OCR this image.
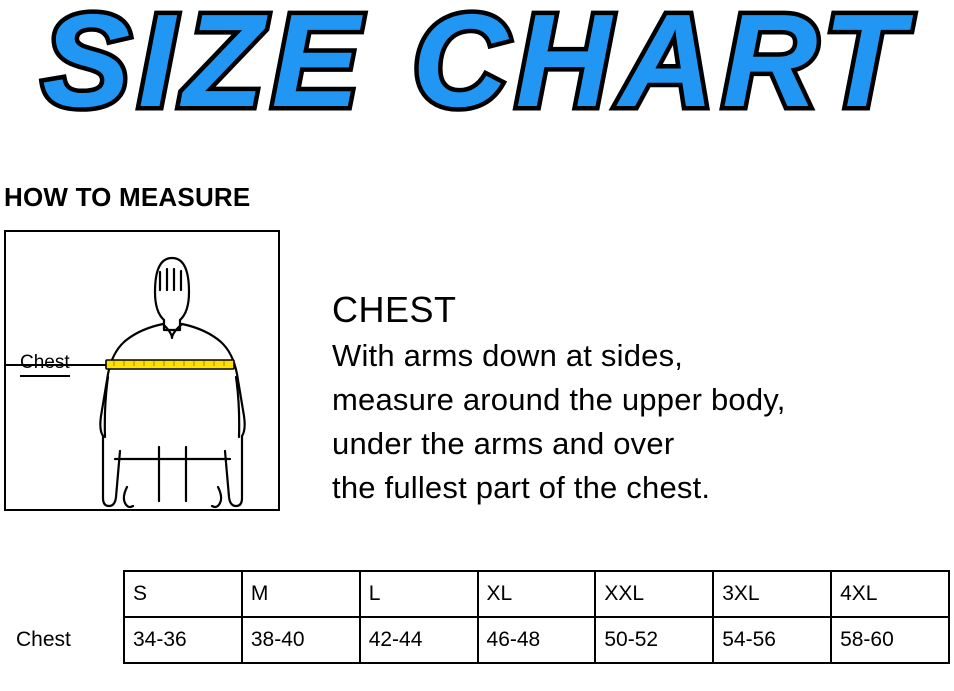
SIZE CHART
HOW TO MEASURE
Chest
CHEST
With arms down at sides,
measure around the upper body,
under the arms and over
the fullest part of the chest.
	S	M	L	XL	XXL	3XL	4XL
Chest	34-36	38-40	42-44	46-48	50-52	54-56	58-60
